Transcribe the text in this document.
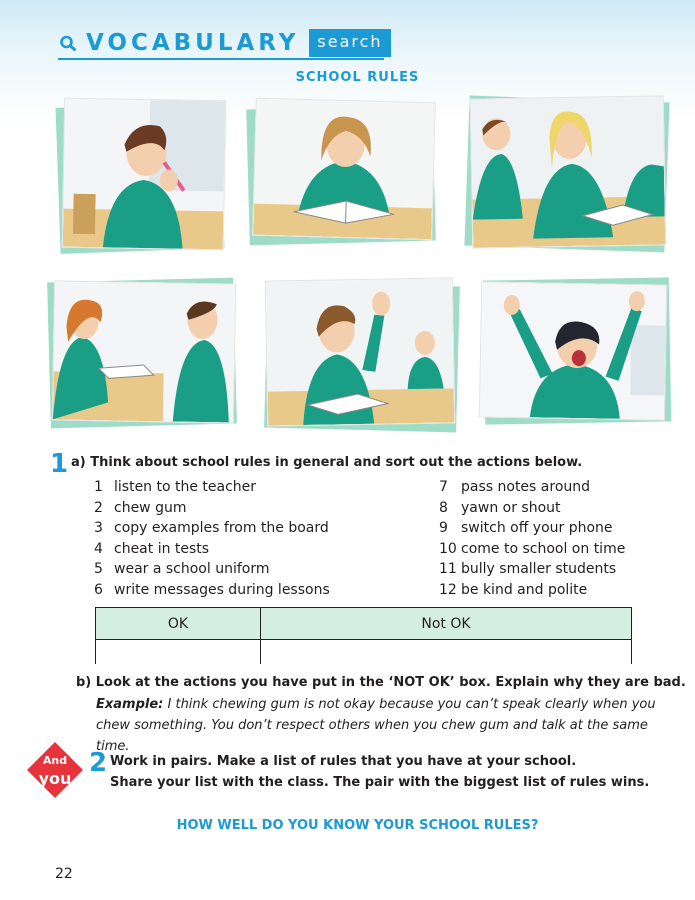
VOCABULARY	search
SCHOOL RULES
1 a) Think about school rules in general and sort out the actions below.
1 listen to the teacher
2 chew gum
3 copy examples from the board
4 cheat in tests
5 wear a school uniform
6 write messages during lessons
7 pass notes around
8 yawn or shout
9 switch off your phone
10 come to school on time
11 bully smaller students
12 be kind and polite
OK	Not OK

b) Look at the actions you have put in the ‘NOT OK’ box. Explain why they are bad.
Example: I think chewing gum is not okay because you can’t speak clearly when you chew something. You don’t respect others when you chew gum and talk at the same time.
And
you
2 Work in pairs. Make a list of rules that you have at your school.
Share your list with the class. The pair with the biggest list of rules wins.
HOW WELL DO YOU KNOW YOUR SCHOOL RULES?
22
